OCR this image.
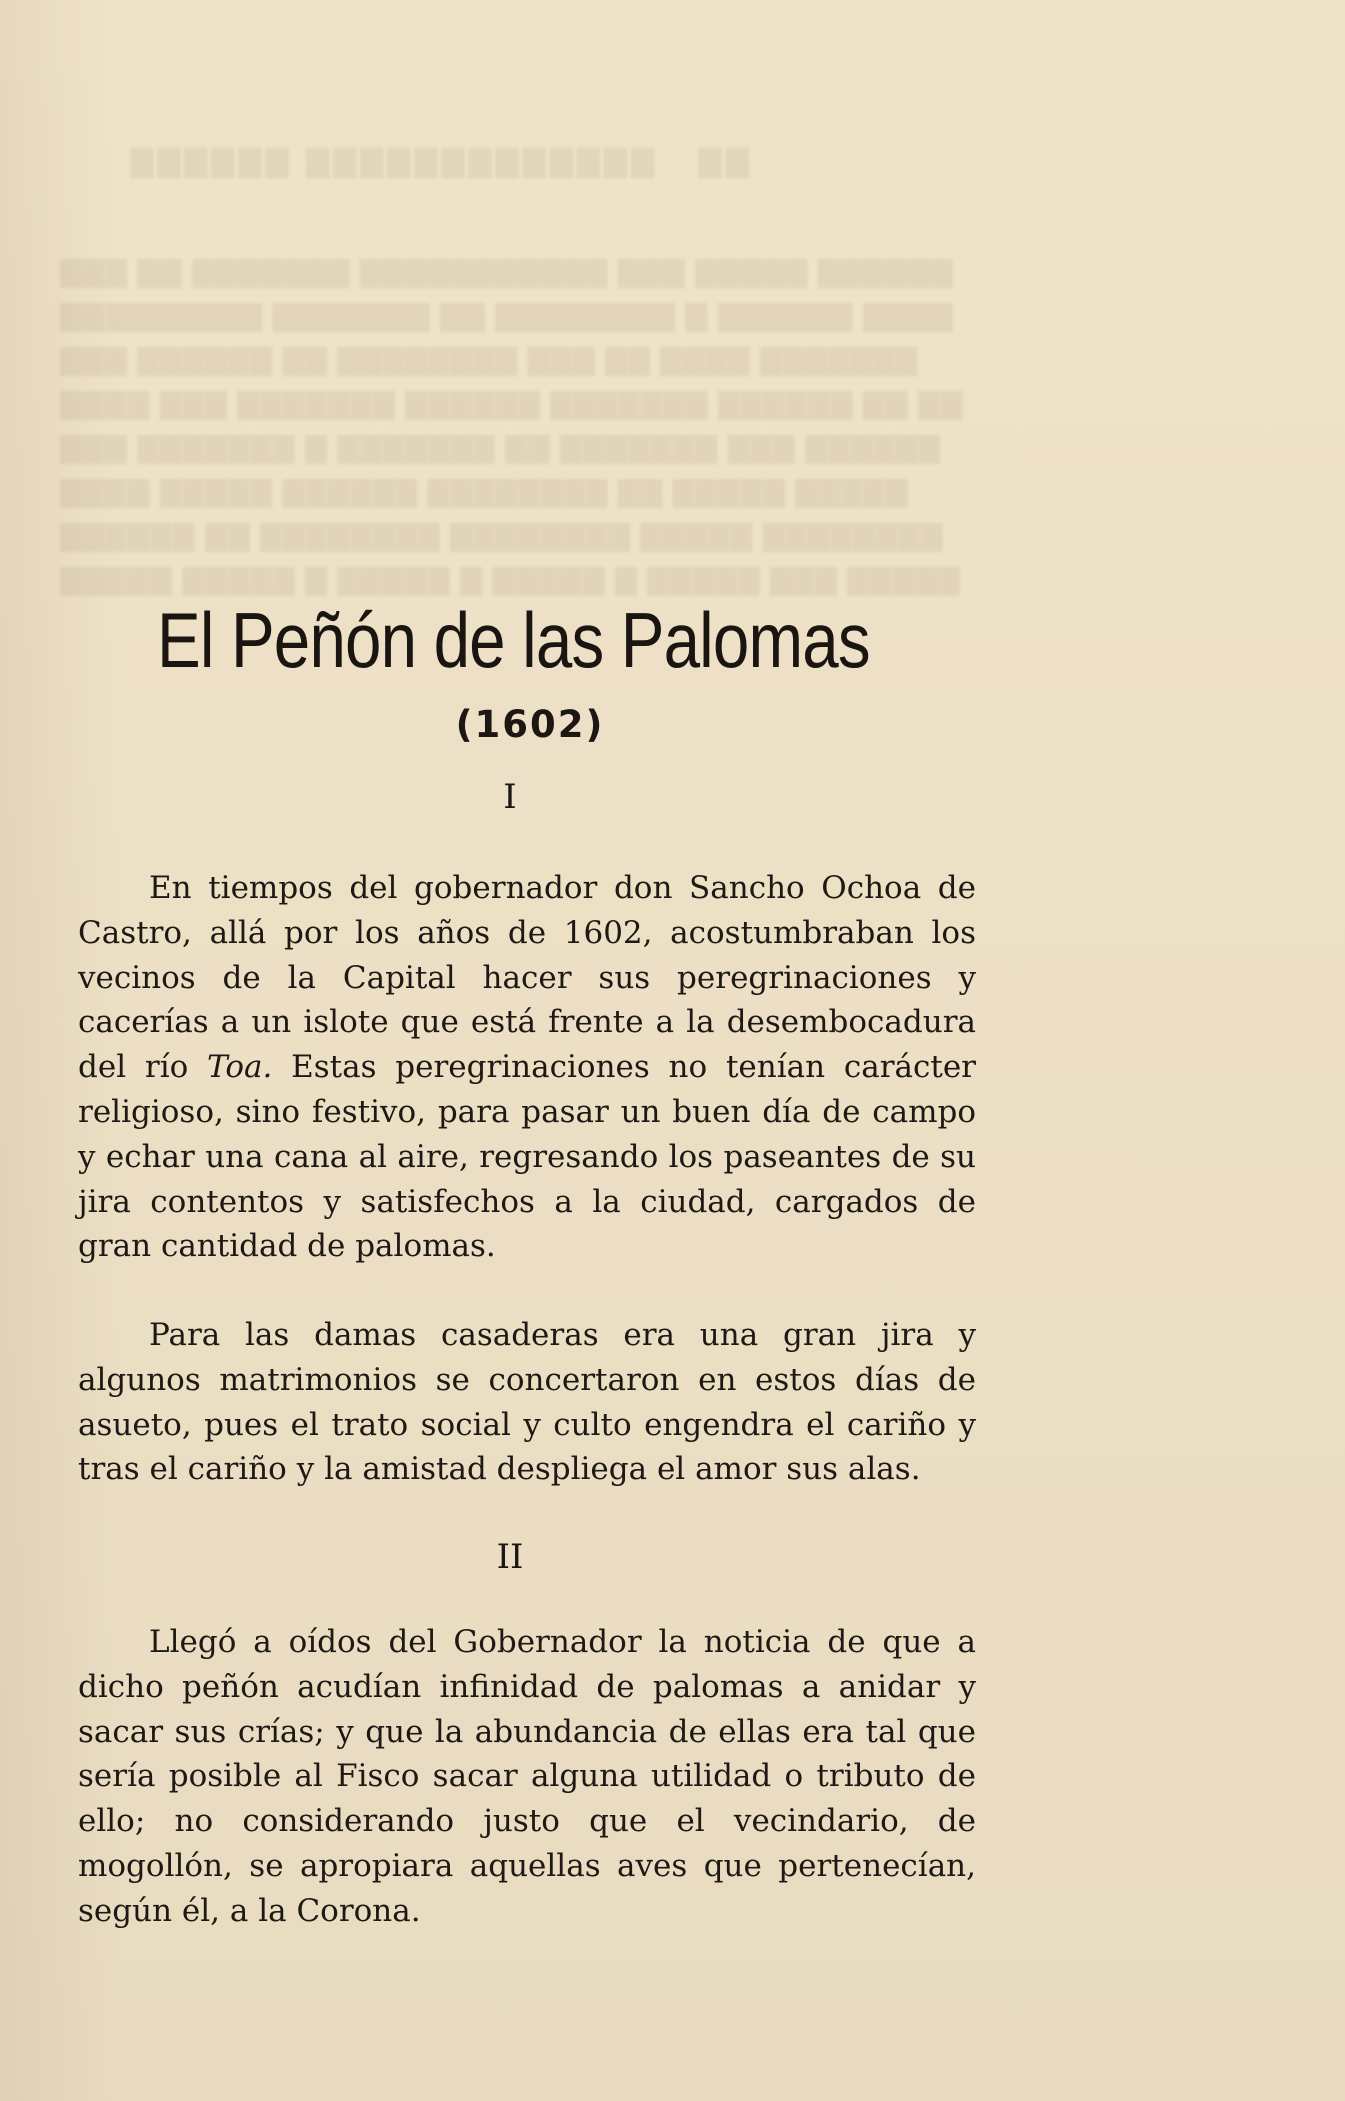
▇▇▇▇▇▇ ▇▇▇▇▇▇▇▇▇▇▇▇▇   ▇▇
▇▇▇ ▇▇ ▇▇▇▇▇▇▇ ▇▇▇▇▇▇▇▇▇▇▇ ▇▇▇ ▇▇▇▇▇ ▇▇▇▇▇▇
▇▇▇▇▇▇▇▇▇ ▇▇▇▇▇▇▇ ▇▇ ▇▇▇▇▇▇▇▇ ▇ ▇▇▇▇▇▇ ▇▇▇▇
▇▇▇ ▇▇▇▇▇▇ ▇▇ ▇▇▇▇▇▇▇▇ ▇▇▇ ▇▇ ▇▇▇▇ ▇▇▇▇▇▇▇
▇▇▇▇ ▇▇▇ ▇▇▇▇▇▇▇ ▇▇▇▇▇▇ ▇▇▇▇▇▇▇ ▇▇▇▇▇▇ ▇▇ ▇▇
▇▇▇ ▇▇▇▇▇▇▇ ▇ ▇▇▇▇▇▇▇ ▇▇ ▇▇▇▇▇▇▇ ▇▇▇ ▇▇▇▇▇▇
▇▇▇▇ ▇▇▇▇▇ ▇▇▇▇▇▇ ▇▇▇▇▇▇▇▇ ▇▇ ▇▇▇▇▇ ▇▇▇▇▇
▇▇▇▇▇▇ ▇▇ ▇▇▇▇▇▇▇▇ ▇▇▇▇▇▇▇▇ ▇▇▇▇▇ ▇▇▇▇▇▇▇▇
▇▇▇▇▇ ▇▇▇▇▇ ▇ ▇▇▇▇▇ ▇ ▇▇▇▇▇ ▇ ▇▇▇▇▇ ▇▇▇ ▇▇▇▇▇
El Peñón de las Palomas
(1602)
I

En tiempos del gobernador don Sancho Ochoa de Castro, allá por los años de 1602, acostumbraban los vecinos de la Capital hacer sus peregrinaciones y cacerías a un islote que está frente a la desembocadura del río Toa. Estas peregrinaciones no tenían carácter religioso, sino festivo, para pasar un buen día de campo y echar una cana al aire, regresando los paseantes de su jira contentos y satisfechos a la ciudad, cargados de gran cantidad de palomas.

Para las damas casaderas era una gran jira y algunos matrimonios se concertaron en estos días de asueto, pues el trato social y culto engendra el cariño y tras el cariño y la amistad despliega el amor sus alas.

II

Llegó a oídos del Gobernador la noticia de que a dicho peñón acudían infinidad de palomas a anidar y sacar sus crías; y que la abundancia de ellas era tal que sería posible al Fisco sacar alguna utilidad o tributo de ello; no considerando justo que el vecindario, de mogollón, se apropiara aquellas aves que pertenecían, según él, a la Corona.
